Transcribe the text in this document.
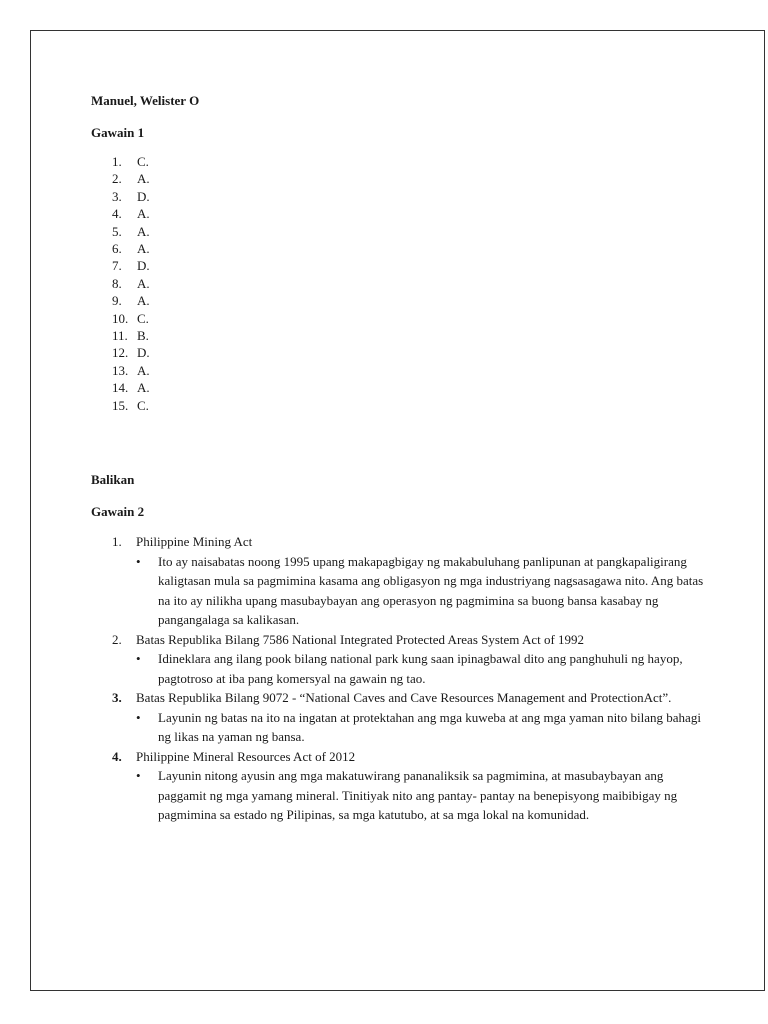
Manuel, Welister O

Gawain 1

1. C.
2. A.
3. D.
4. A.
5. A.
6. A.
7. D.
8. A.
9. A.
10. C.
11. B.
12. D.
13. A.
14. A.
15. C.

Balikan

Gawain 2

1. Philippine Mining Act
• Ito ay naisabatas noong 1995 upang makapagbigay ng makabuluhang panlipunan at pangkapaligirang kaligtasan mula sa pagmimina kasama ang obligasyon ng mga industriyang nagsasagawa nito. Ang batas na ito ay nilikha upang masubaybayan ang operasyon ng pagmimina sa buong bansa kasabay ng pangangalaga sa kalikasan.
2. Batas Republika Bilang 7586 National Integrated Protected Areas System Act of 1992
• Idineklara ang ilang pook bilang national park kung saan ipinagbawal dito ang panghuhuli ng hayop, pagtotroso at iba pang komersyal na gawain ng tao.
3. Batas Republika Bilang 9072 - “National Caves and Cave Resources Management and ProtectionAct”.
• Layunin ng batas na ito na ingatan at protektahan ang mga kuweba at ang mga yaman nito bilang bahagi ng likas na yaman ng bansa.
4. Philippine Mineral Resources Act of 2012
• Layunin nitong ayusin ang mga makatuwirang pananaliksik sa pagmimina, at masubaybayan ang paggamit ng mga yamang mineral. Tinitiyak nito ang pantay- pantay na benepisyong maibibigay ng pagmimina sa estado ng Pilipinas, sa mga katutubo, at sa mga lokal na komunidad.
